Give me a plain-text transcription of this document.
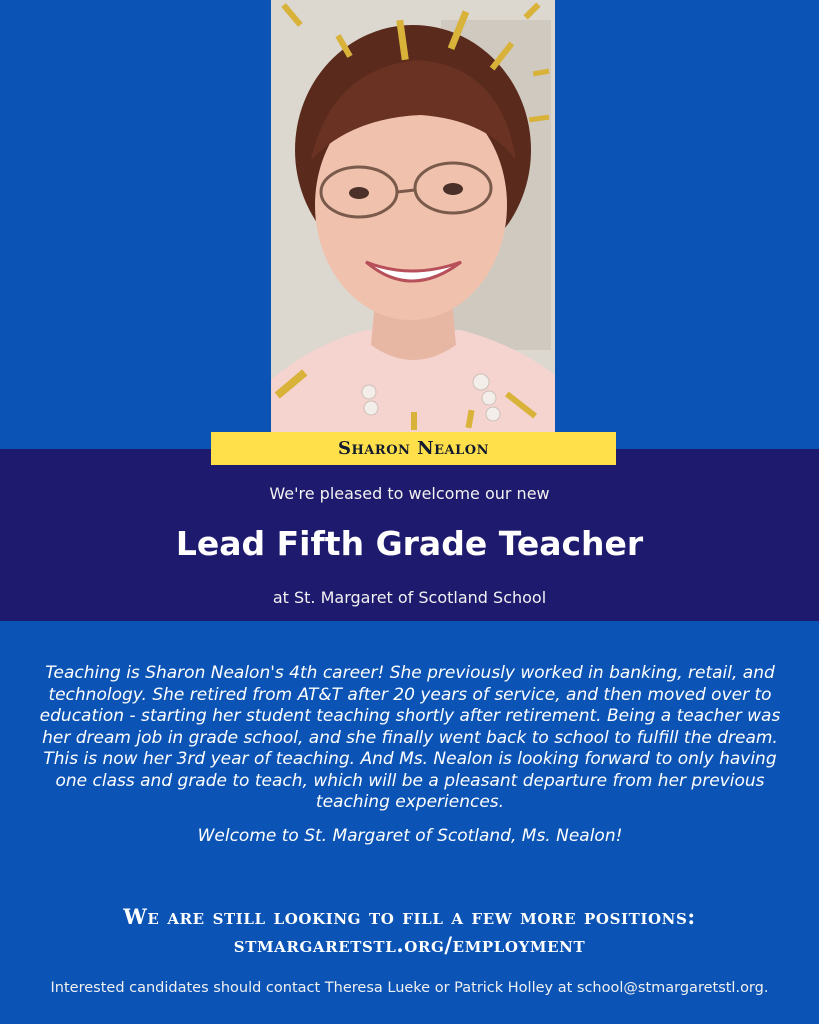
Sharon Nealon
We're pleased to welcome our new
Lead Fifth Grade Teacher
at St. Margaret of Scotland School

Teaching is Sharon Nealon's 4th career! She previously worked in banking, retail, and technology. She retired from AT&T after 20 years of service, and then moved over to education - starting her student teaching shortly after retirement. Being a teacher was her dream job in grade school, and she finally went back to school to fulfill the dream. This is now her 3rd year of teaching. And Ms. Nealon is looking forward to only having one class and grade to teach, which will be a pleasant departure from her previous teaching experiences.

Welcome to St. Margaret of Scotland, Ms. Nealon!

We are still looking to fill a few more positions:
stmargaretstl.org/employment
Interested candidates should contact Theresa Lueke or Patrick Holley at school@stmargaretstl.org.
